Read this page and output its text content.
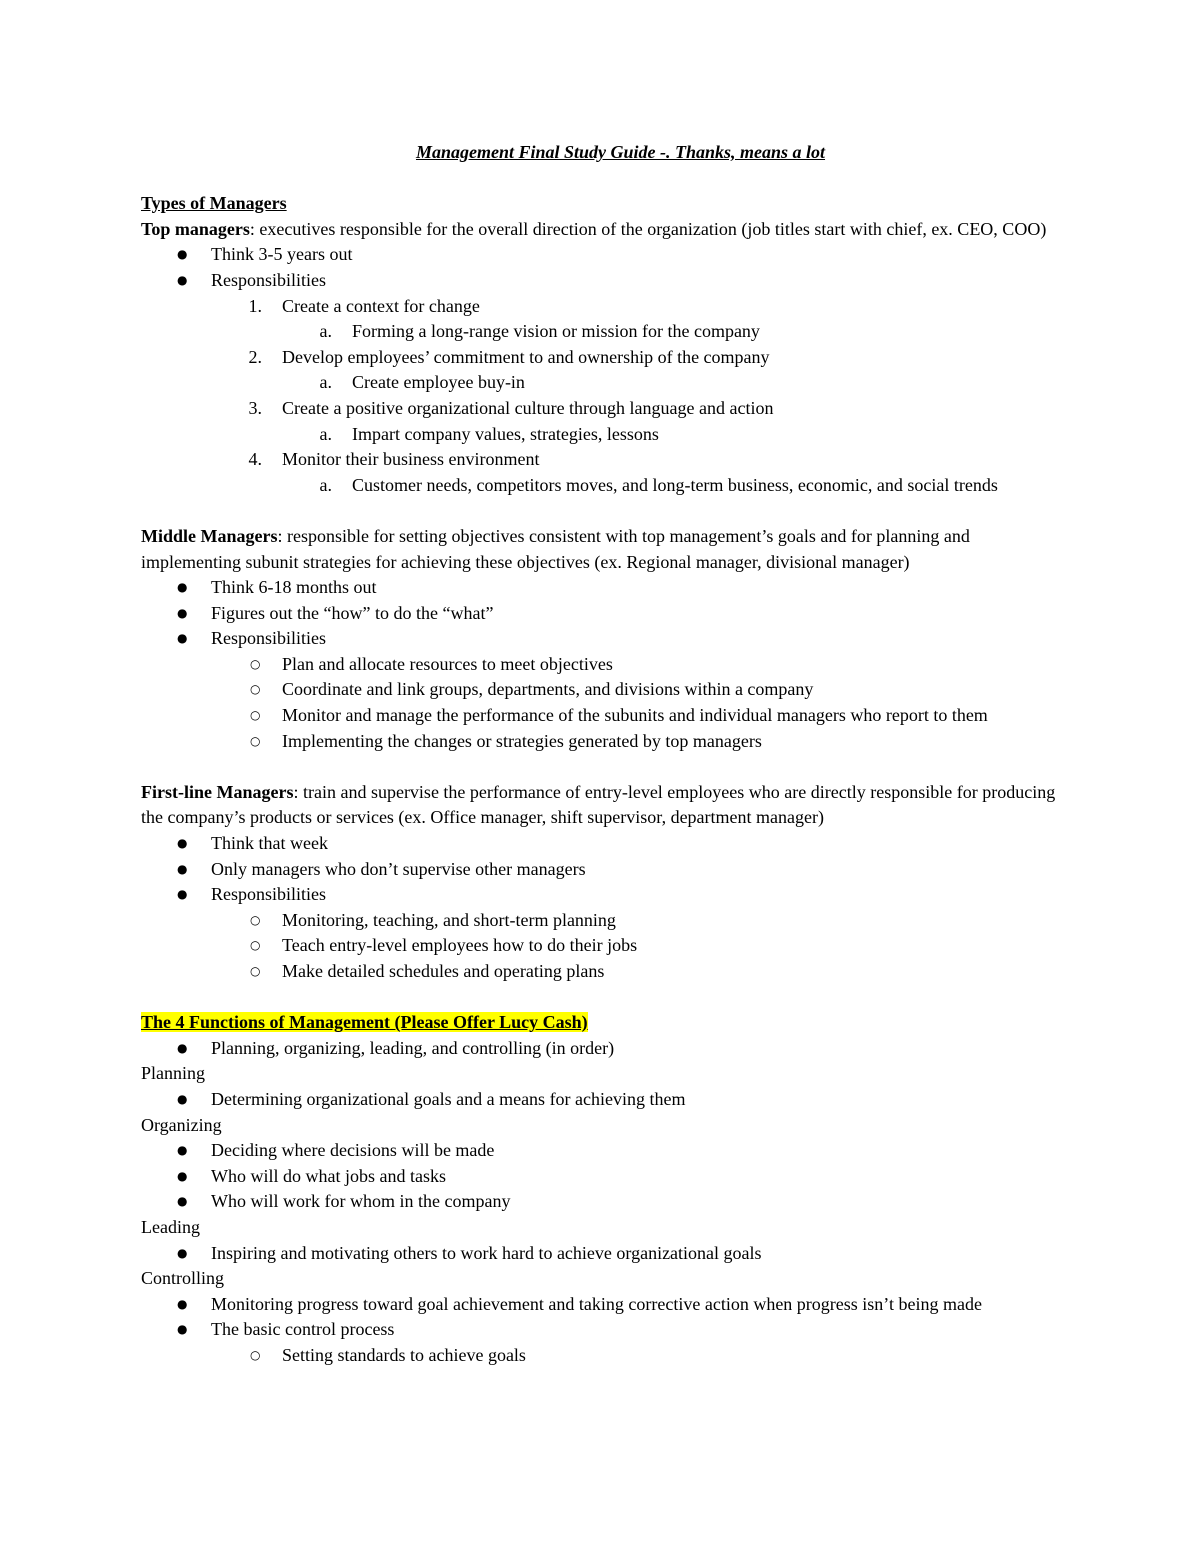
Management Final Study Guide -. Thanks, means a lot

Types of Managers

Top managers: executives responsible for the overall direction of the organization (job titles start with chief, ex. CEO, COO)

● Think 3-5 years out
● Responsibilities
1. Create a context for change
a. Forming a long-range vision or mission for the company
2. Develop employees’ commitment to and ownership of the company
a. Create employee buy-in
3. Create a positive organizational culture through language and action
a. Impart company values, strategies, lessons
4. Monitor their business environment
a. Customer needs, competitors moves, and long-term business, economic, and social trends

Middle Managers: responsible for setting objectives consistent with top management’s goals and for planning and implementing subunit strategies for achieving these objectives (ex. Regional manager, divisional manager)

● Think 6-18 months out
● Figures out the “how” to do the “what”
● Responsibilities
○ Plan and allocate resources to meet objectives
○ Coordinate and link groups, departments, and divisions within a company
○ Monitor and manage the performance of the subunits and individual managers who report to them
○ Implementing the changes or strategies generated by top managers

First-line Managers: train and supervise the performance of entry-level employees who are directly responsible for producing the company’s products or services (ex. Office manager, shift supervisor, department manager)

● Think that week
● Only managers who don’t supervise other managers
● Responsibilities
○ Monitoring, teaching, and short-term planning
○ Teach entry-level employees how to do their jobs
○ Make detailed schedules and operating plans

The 4 Functions of Management (Please Offer Lucy Cash)

● Planning, organizing, leading, and controlling (in order)

Planning

● Determining organizational goals and a means for achieving them

Organizing

● Deciding where decisions will be made
● Who will do what jobs and tasks
● Who will work for whom in the company

Leading

● Inspiring and motivating others to work hard to achieve organizational goals

Controlling

● Monitoring progress toward goal achievement and taking corrective action when progress isn’t being made
● The basic control process
○ Setting standards to achieve goals
